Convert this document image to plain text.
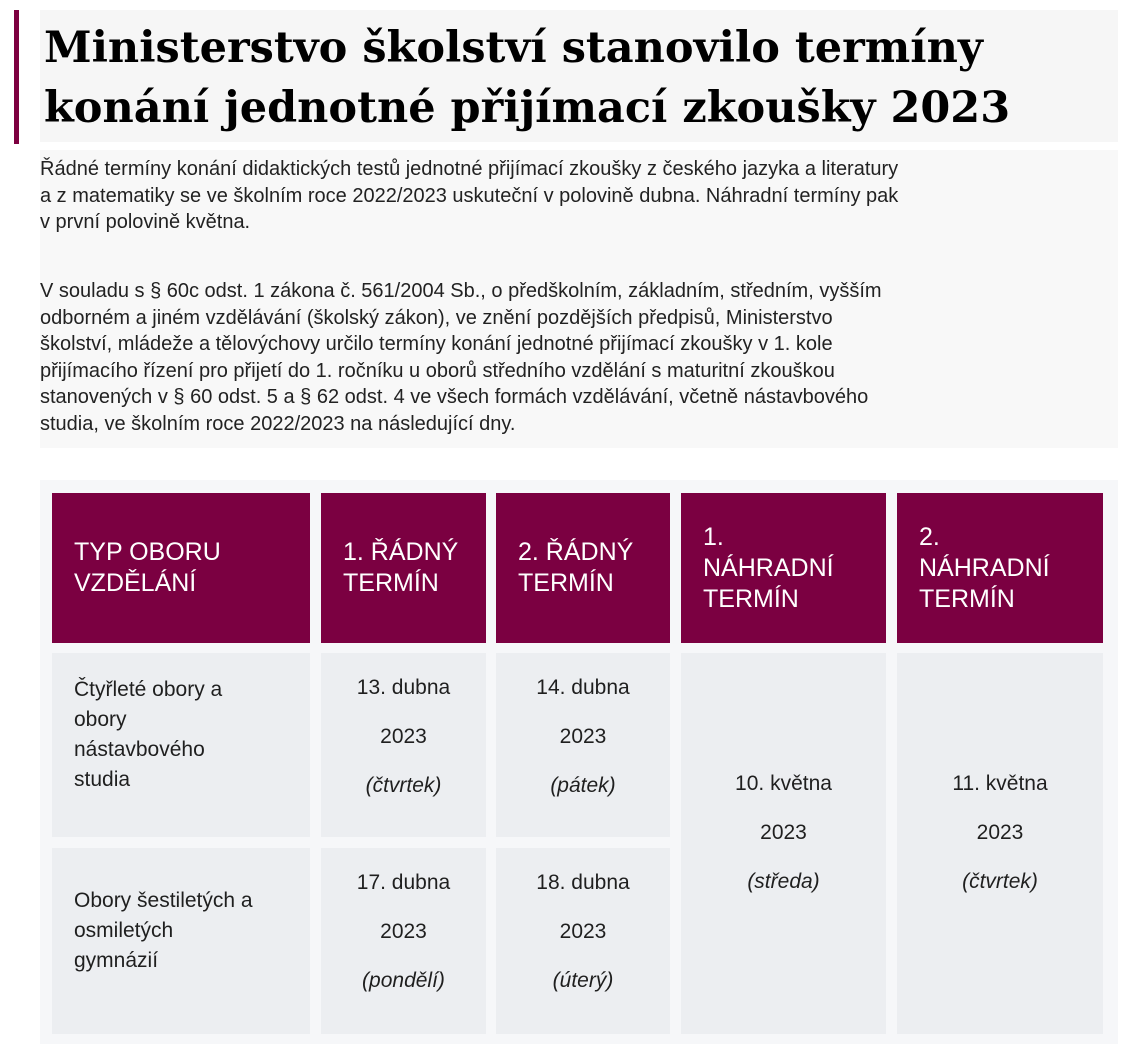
Ministerstvo školství stanovilo termíny
konání jednotné přijímací zkoušky 2023

Řádné termíny konání didaktických testů jednotné přijímací zkoušky z českého jazyka a literatury
a z matematiky se ve školním roce 2022/2023 uskuteční v polovině dubna. Náhradní termíny pak
v první polovině května.

V souladu s § 60c odst. 1 zákona č. 561/2004 Sb., o předškolním, základním, středním, vyšším
odborném a jiném vzdělávání (školský zákon), ve znění pozdějších předpisů, Ministerstvo
školství, mládeže a tělovýchovy určilo termíny konání jednotné přijímací zkoušky v 1. kole
přijímacího řízení pro přijetí do 1. ročníku u oborů středního vzdělání s maturitní zkouškou
stanovených v § 60 odst. 5 a § 62 odst. 4 ve všech formách vzdělávání, včetně nástavbového
studia, ve školním roce 2022/2023 na následující dny.

TYP OBORU
VZDĚLÁNÍ
1. ŘÁDNÝ
TERMÍN
2. ŘÁDNÝ
TERMÍN
1.
NÁHRADNÍ
TERMÍN
2.
NÁHRADNÍ
TERMÍN
Čtyřleté obory a
obory
nástavbového
studia
13. dubna
2023
(čtvrtek)
14. dubna
2023
(pátek)	10. května
2023
(středa)
11. května
2023
(čtvrtek)
Obory šestiletých a
osmiletých
gymnázií
17. dubna
2023
(pondělí)
18. dubna
2023
(úterý)
